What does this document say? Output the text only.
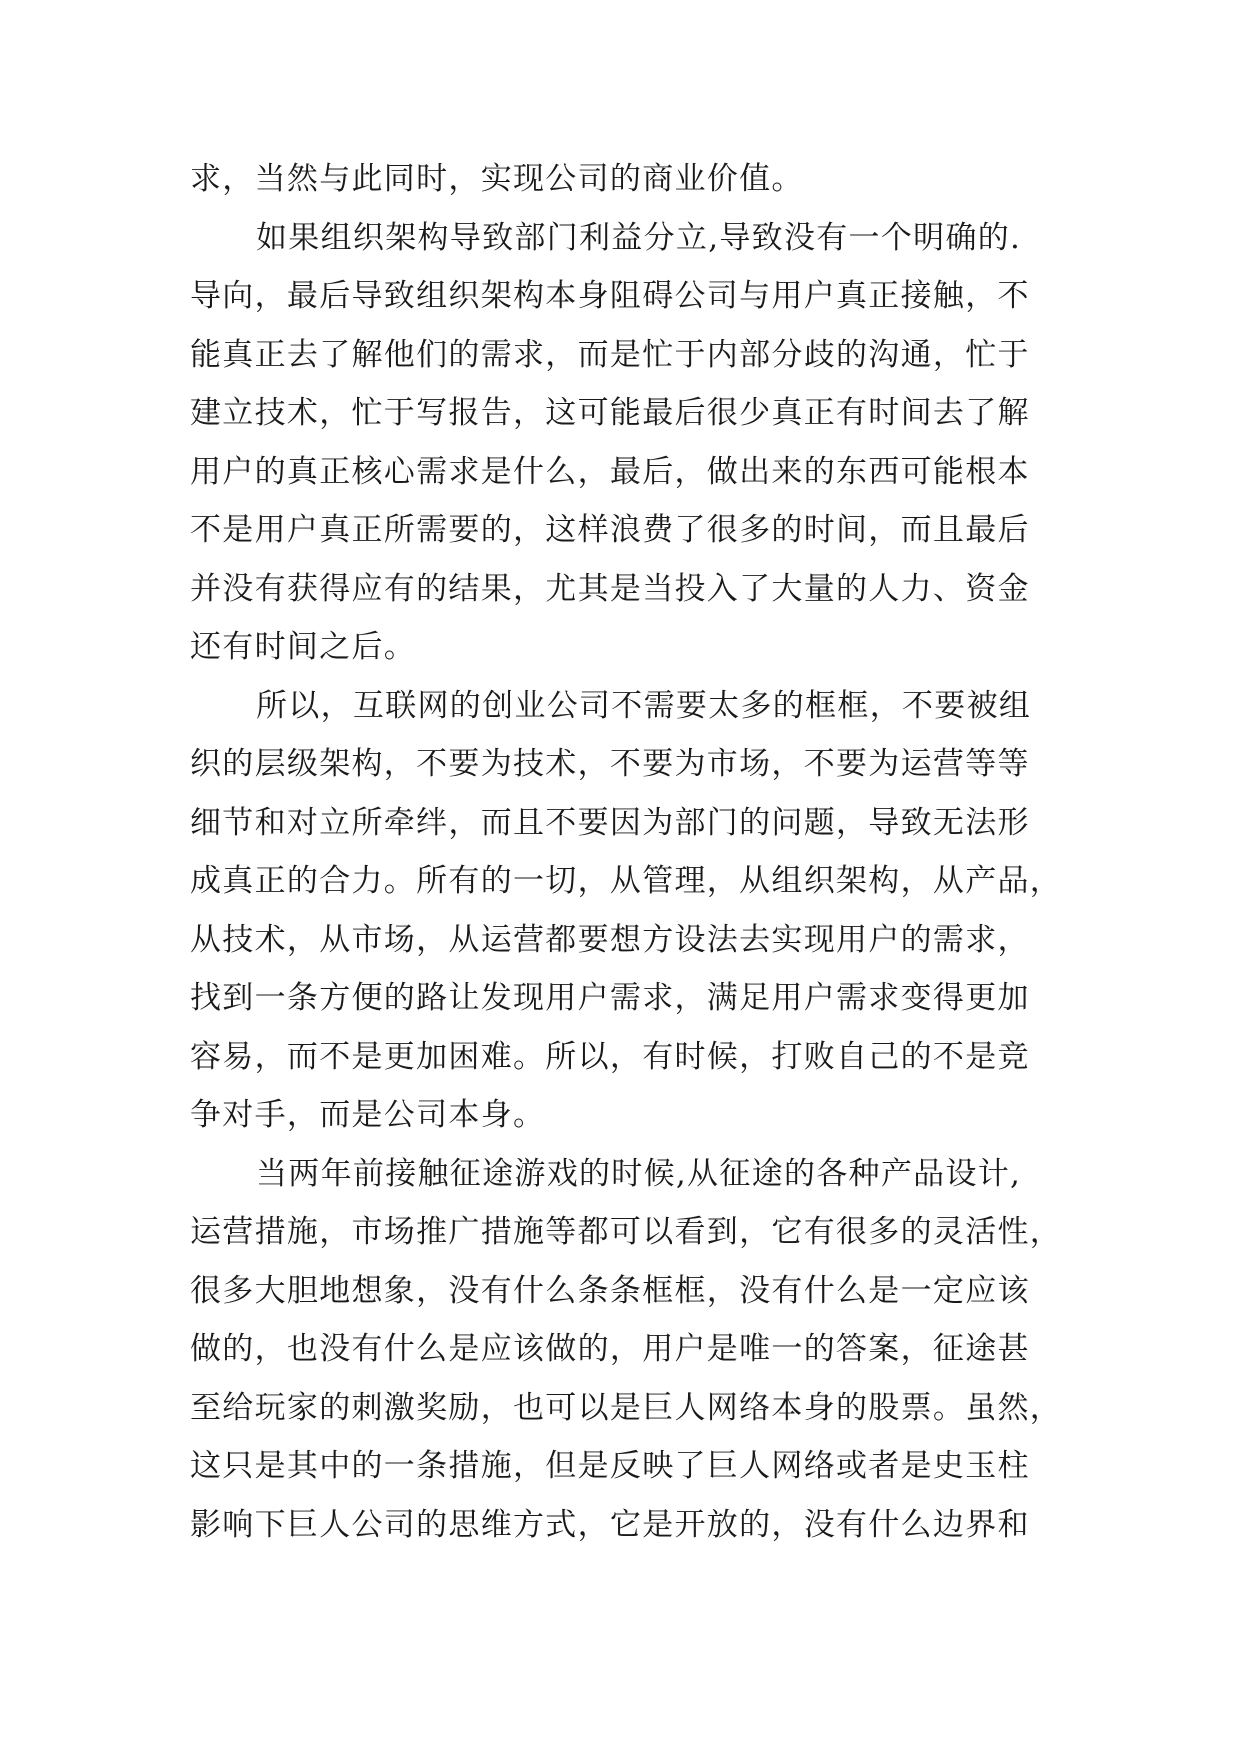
求，当然与此同时，实现公司的商业价值。
如果组织架构导致部门利益分立,导致没有一个明确的.
导向，最后导致组织架构本身阻碍公司与用户真正接触，不
能真正去了解他们的需求，而是忙于内部分歧的沟通，忙于
建立技术，忙于写报告，这可能最后很少真正有时间去了解
用户的真正核心需求是什么，最后，做出来的东西可能根本
不是用户真正所需要的，这样浪费了很多的时间，而且最后
并没有获得应有的结果，尤其是当投入了大量的人力、资金
还有时间之后。
所以，互联网的创业公司不需要太多的框框，不要被组
织的层级架构，不要为技术，不要为市场，不要为运营等等
细节和对立所牵绊，而且不要因为部门的问题，导致无法形
成真正的合力。所有的一切，从管理，从组织架构，从产品，
从技术，从市场，从运营都要想方设法去实现用户的需求，
找到一条方便的路让发现用户需求，满足用户需求变得更加
容易，而不是更加困难。所以，有时候，打败自己的不是竞
争对手，而是公司本身。
当两年前接触征途游戏的时候,从征途的各种产品设计,
运营措施，市场推广措施等都可以看到，它有很多的灵活性，
很多大胆地想象，没有什么条条框框，没有什么是一定应该
做的，也没有什么是应该做的，用户是唯一的答案，征途甚
至给玩家的刺激奖励，也可以是巨人网络本身的股票。虽然，
这只是其中的一条措施，但是反映了巨人网络或者是史玉柱
影响下巨人公司的思维方式，它是开放的，没有什么边界和
